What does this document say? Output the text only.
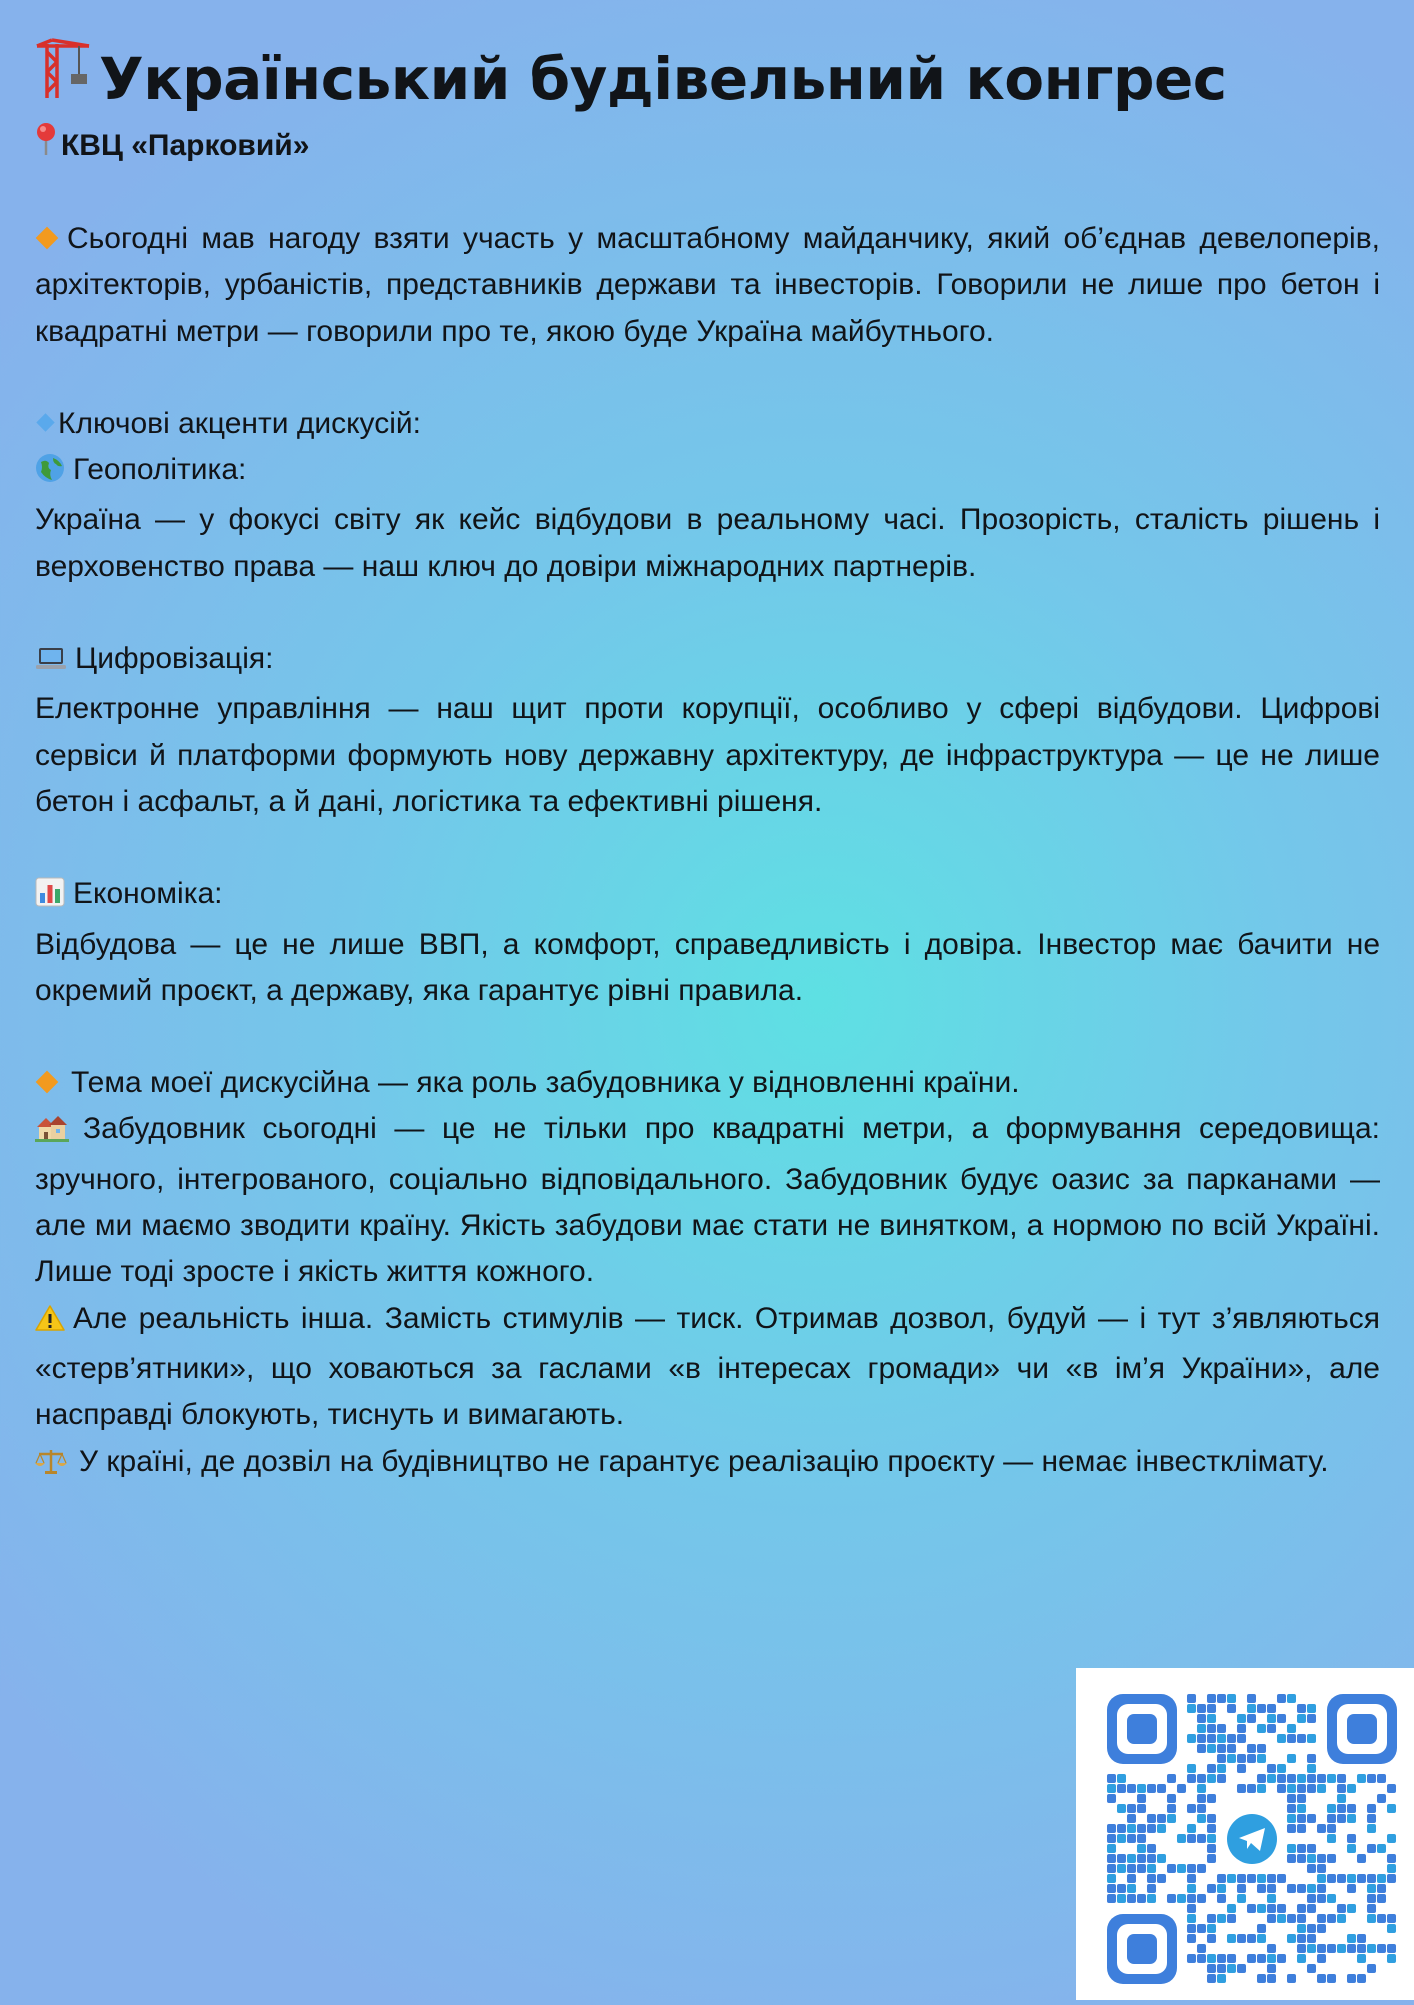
Український будівельний конгрес
КВЦ «Парковий»

Сьогодні мав нагоду взяти участь у масштабному майданчику, який об’єднав девелоперів, архітекторів, урбаністів, представників держави та інвесторів. Говорили не лише про бетон і квадратні метри — говорили про те, якою буде Україна майбутнього.

Ключові акценти дискусій:

Геополітика:

Україна — у фокусі світу як кейс відбудови в реальному часі. Прозорість, сталість рішень і верховенство права — наш ключ до довіри міжнародних партнерів.

Цифровізація:

Електронне управління — наш щит проти корупції, особливо у сфері відбудови. Цифрові сервіси й платформи формують нову державну архітектуру, де інфраструктура — це не лише бетон і асфальт, а й дані, логістика та ефективні рішеня.

Економіка:

Відбудова — це не лише ВВП, а комфорт, справедливість і довіра. Інвестор має бачити не окремий проєкт, а державу, яка гарантує рівні правила.

Тема моеї дискусійна — яка роль забудовника у відновленні країни.

Забудовник сьогодні — це не тільки про квадратні метри, а формування середовища: зручного, інтегрованого, соціально відповідального. Забудовник будує оазис за парканами — але ми маємо зводити країну. Якість забудови має стати не винятком, а нормою по всій Україні. Лише тоді зросте і якість життя кожного.

Але реальність інша. Замість стимулів — тиск. Отримав дозвол, будуй — і тут з’являються «стерв’ятники», що ховаються за гаслами «в інтересах громади» чи «в ім’я України», але насправді блокують, тиснуть и вимагають.

У країні, де дозвіл на будівництво не гарантує реалізацію проєкту — немає інвестклімату.
